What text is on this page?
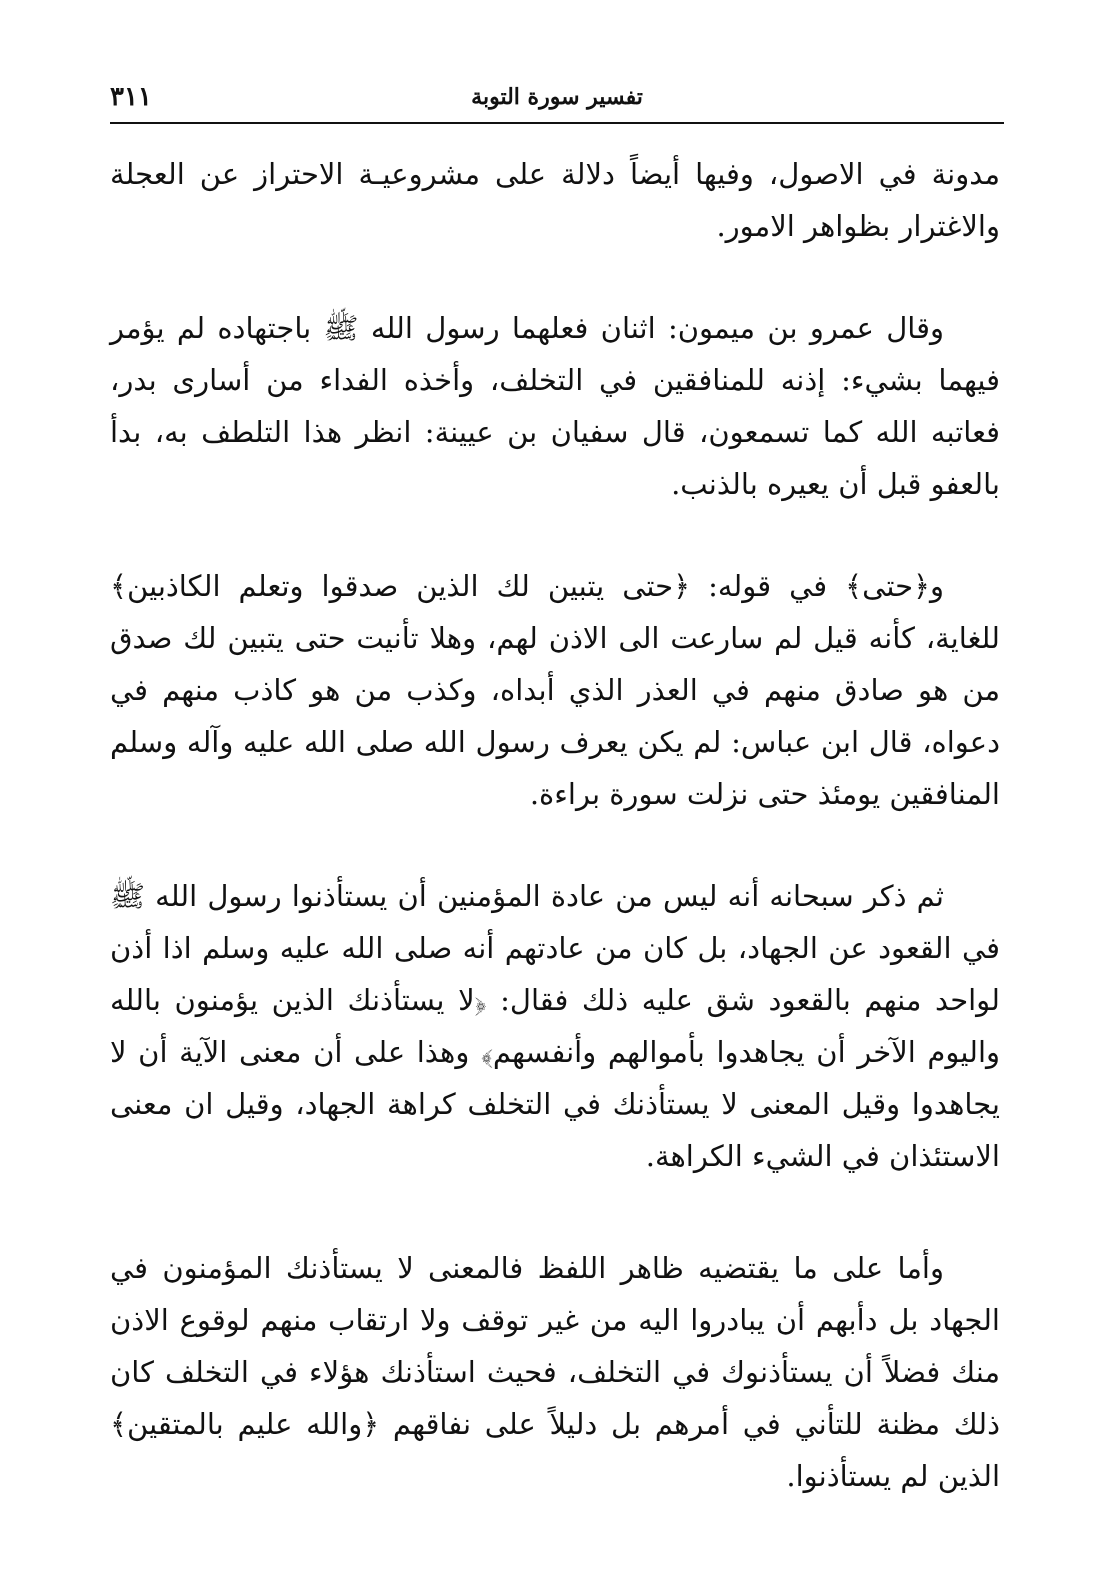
تفسير سورة التوبة
٣١١

مدونة في الاصول، وفيها أيضاً دلالة على مشروعيـة الاحتراز عن العجلة والاغترار بظواهر الامور.

وقال عمرو بن ميمون: اثنان فعلهما رسول الله ﷺ باجتهاده لم يؤمر فيهما بشيء: إذنه للمنافقين في التخلف، وأخذه الفداء من أسارى بدر، فعاتبه الله كما تسمعون، قال سفيان بن عيينة: انظر هذا التلطف به، بدأ بالعفو قبل أن يعيره بالذنب.

و﴿حتى﴾ في قوله: ﴿حتى يتبين لك الذين صدقوا وتعلم الكاذبين﴾ للغاية، كأنه قيل لم سارعت الى الاذن لهم، وهلا تأنيت حتى يتبين لك صدق من هو صادق منهم في العذر الذي أبداه، وكذب من هو كاذب منهم في دعواه، قال ابن عباس: لم يكن يعرف رسول الله صلى الله عليه وآله وسلم المنافقين يومئذ حتى نزلت سورة براءة.

ثم ذكر سبحانه أنه ليس من عادة المؤمنين أن يستأذنوا رسول الله ﷺ في القعود عن الجهاد، بل كان من عادتهم أنه صلى الله عليه وسلم اذا أذن لواحد منهم بالقعود شق عليه ذلك فقال: ﴿لا يستأذنك الذين يؤمنون بالله واليوم الآخر أن يجاهدوا بأموالهم وأنفسهم﴾ وهذا على أن معنى الآية أن لا يجاهدوا وقيل المعنى لا يستأذنك في التخلف كراهة الجهاد، وقيل ان معنى الاستئذان في الشيء الكراهة.

وأما على ما يقتضيه ظاهر اللفظ فالمعنى لا يستأذنك المؤمنون في الجهاد بل دأبهم أن يبادروا اليه من غير توقف ولا ارتقاب منهم لوقوع الاذن منك فضلاً أن يستأذنوك في التخلف، فحيث استأذنك هؤلاء في التخلف كان ذلك مظنة للتأني في أمرهم بل دليلاً على نفاقهم ﴿والله عليم بالمتقين﴾ الذين لم يستأذنوا.
